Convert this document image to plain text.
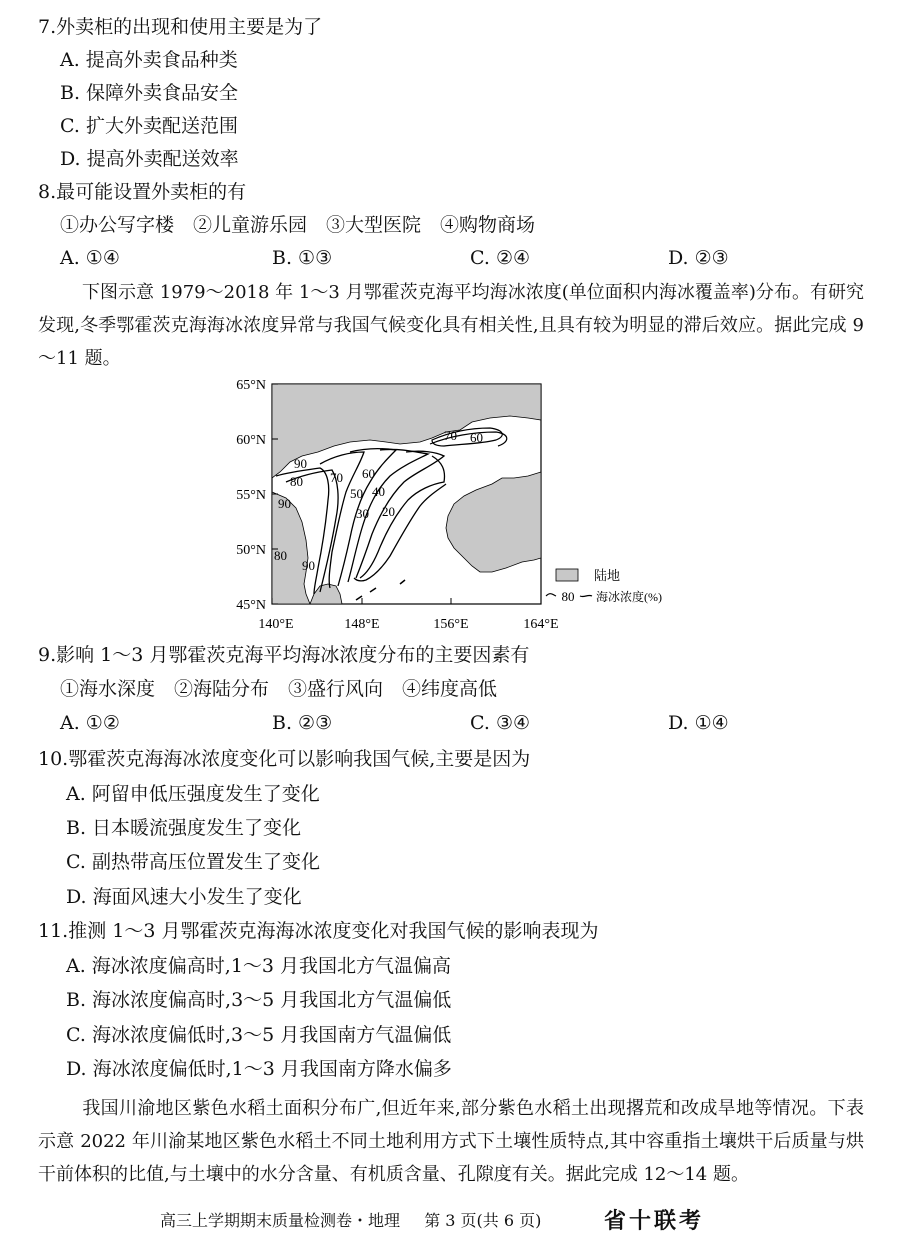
7.外卖柜的出现和使用主要是为了
A. 提高外卖食品种类
B. 保障外卖食品安全
C. 扩大外卖配送范围
D. 提高外卖配送效率
8.最可能设置外卖柜的有
①办公写字楼　②儿童游乐园　③大型医院　④购物商场
A. ①④	B. ①③	C. ②④	D. ②③
下图示意 1979～2018 年 1～3 月鄂霍茨克海平均海冰浓度(单位面积内海冰覆盖率)分布。有研究发现,冬季鄂霍茨克海海冰浓度异常与我国气候变化具有相关性,且具有较为明显的滞后效应。据此完成 9～11 题。
90
80
90
70 60
50 40
30 20
70 60
80
90
65°N
60°N
55°N
50°N
45°N
140°E	148°E	156°E	164°E
陆地
80 海冰浓度(%)
9.影响 1～3 月鄂霍茨克海平均海冰浓度分布的主要因素有
①海水深度　②海陆分布　③盛行风向　④纬度高低
A. ①②	B. ②③	C. ③④	D. ①④
10.鄂霍茨克海海冰浓度变化可以影响我国气候,主要是因为
A. 阿留申低压强度发生了变化
B. 日本暖流强度发生了变化
C. 副热带高压位置发生了变化
D. 海面风速大小发生了变化
11.推测 1～3 月鄂霍茨克海海冰浓度变化对我国气候的影响表现为
A. 海冰浓度偏高时,1～3 月我国北方气温偏高
B. 海冰浓度偏高时,3～5 月我国北方气温偏低
C. 海冰浓度偏低时,3～5 月我国南方气温偏低
D. 海冰浓度偏低时,1～3 月我国南方降水偏多
我国川渝地区紫色水稻土面积分布广,但近年来,部分紫色水稻土出现撂荒和改成旱地等情况。下表示意 2022 年川渝某地区紫色水稻土不同土地利用方式下土壤性质特点,其中容重指土壤烘干后质量与烘干前体积的比值,与土壤中的水分含量、有机质含量、孔隙度有关。据此完成 12～14 题。
高三上学期期末质量检测卷・地理 第 3 页(共 6 页)	省十联考
